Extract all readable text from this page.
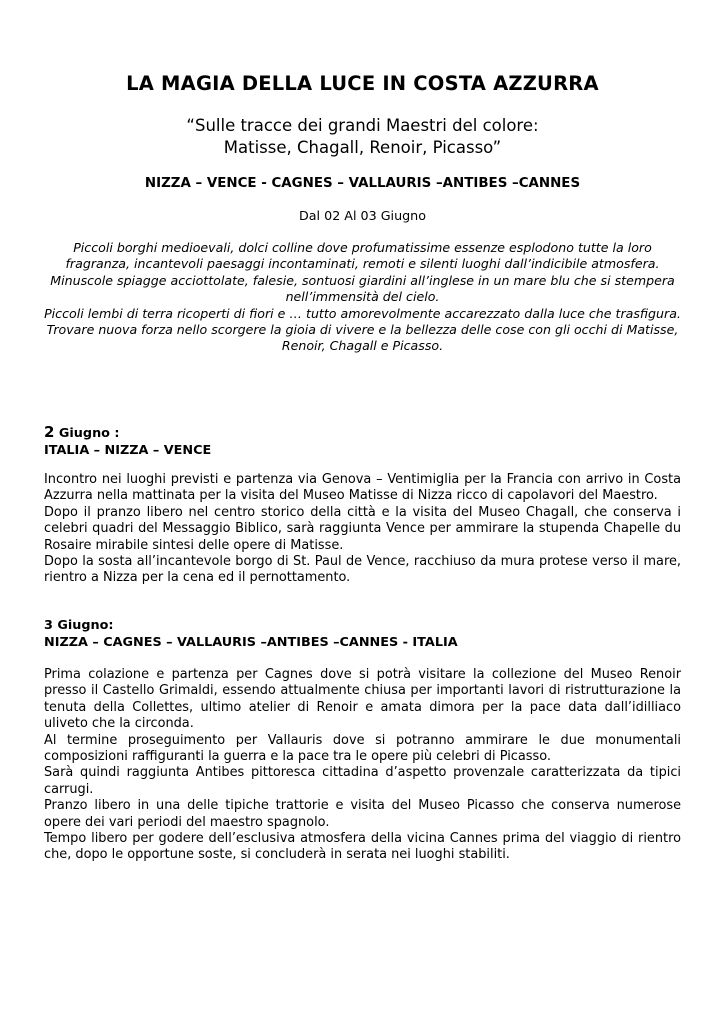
LA MAGIA DELLA LUCE IN COSTA AZZURRA
“Sulle tracce dei grandi Maestri del colore:
Matisse, Chagall, Renoir, Picasso”
NIZZA – VENCE - CAGNES – VALLAURIS –ANTIBES –CANNES
Dal 02 Al 03 Giugno

Piccoli borghi medioevali, dolci colline dove profumatissime essenze esplodono tutte la loro fragranza, incantevoli paesaggi incontaminati, remoti e silenti luoghi dall’indicibile atmosfera.

Minuscole spiagge acciottolate, falesie, sontuosi giardini all’inglese in un mare blu che si stempera nell’immensità del cielo.

Piccoli lembi di terra ricoperti di fiori e … tutto amorevolmente accarezzato dalla luce che trasfigura.

Trovare nuova forza nello scorgere la gioia di vivere e la bellezza delle cose con gli occhi di Matisse, Renoir, Chagall e Picasso.

2 Giugno :
ITALIA – NIZZA – VENCE

Incontro nei luoghi previsti e partenza via Genova – Ventimiglia per la Francia con arrivo in Costa Azzurra nella mattinata per la visita del Museo Matisse di Nizza ricco di capolavori del Maestro.

Dopo il pranzo libero nel centro storico della città e la visita del Museo Chagall, che conserva i celebri quadri del Messaggio Biblico, sarà raggiunta Vence per ammirare la stupenda Chapelle du Rosaire mirabile sintesi delle opere di Matisse.

Dopo la sosta all’incantevole borgo di St. Paul de Vence, racchiuso da mura protese verso il mare, rientro a Nizza per la cena ed il pernottamento.

3 Giugno:
NIZZA – CAGNES – VALLAURIS –ANTIBES –CANNES - ITALIA

Prima colazione e partenza per Cagnes dove si potrà visitare la collezione del Museo Renoir presso il Castello Grimaldi, essendo attualmente chiusa per importanti lavori di ristrutturazione la tenuta della Collettes, ultimo atelier di Renoir e amata dimora per la pace data dall’idilliaco uliveto che la circonda.

Al termine proseguimento per Vallauris dove si potranno ammirare le due monumentali composizioni raffiguranti la guerra e la pace tra le opere più celebri di Picasso.

Sarà quindi raggiunta Antibes pittoresca cittadina d’aspetto provenzale caratterizzata da tipici carrugi.

Pranzo libero in una delle tipiche trattorie e visita del Museo Picasso che conserva numerose opere dei vari periodi del maestro spagnolo.

Tempo libero per godere dell’esclusiva atmosfera della vicina Cannes prima del viaggio di rientro che, dopo le opportune soste, si concluderà in serata nei luoghi stabiliti.
